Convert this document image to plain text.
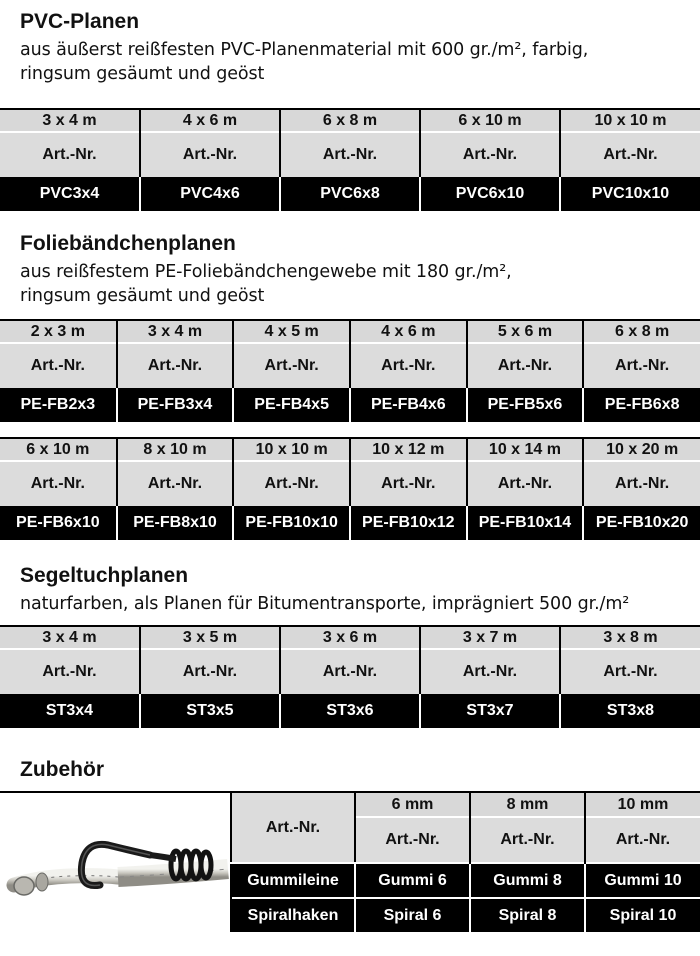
PVC-Planen

aus äußerst reißfesten PVC-Planenmaterial mit 600 gr./m², farbig,
ringsum gesäumt und geöst

3 x 4 m	4 x 6 m	6 x 8 m	6 x 10 m	10 x 10 m
Art.-Nr.	Art.-Nr.	Art.-Nr.	Art.-Nr.	Art.-Nr.
PVC3x4	PVC4x6	PVC6x8	PVC6x10	PVC10x10
Foliebändchenplanen

aus reißfestem PE-Foliebändchengewebe mit 180 gr./m²,
ringsum gesäumt und geöst

2 x 3 m	3 x 4 m	4 x 5 m	4 x 6 m	5 x 6 m	6 x 8 m
Art.-Nr.	Art.-Nr.	Art.-Nr.	Art.-Nr.	Art.-Nr.	Art.-Nr.
PE-FB2x3	PE-FB3x4	PE-FB4x5	PE-FB4x6	PE-FB5x6	PE-FB6x8
6 x 10 m	8 x 10 m	10 x 10 m	10 x 12 m	10 x 14 m	10 x 20 m
Art.-Nr.	Art.-Nr.	Art.-Nr.	Art.-Nr.	Art.-Nr.	Art.-Nr.
PE-FB6x10	PE-FB8x10	PE-FB10x10	PE-FB10x12	PE-FB10x14	PE-FB10x20
Segeltuchplanen

naturfarben, als Planen für Bitumentransporte, imprägniert 500 gr./m²

3 x 4 m	3 x 5 m	3 x 6 m	3 x 7 m	3 x 8 m
Art.-Nr.	Art.-Nr.	Art.-Nr.	Art.-Nr.	Art.-Nr.
ST3x4	ST3x5	ST3x6	ST3x7	ST3x8
Zubehör
Art.-Nr.	6 mm	8 mm	10 mm
	Art.-Nr.	Art.-Nr.	Art.-Nr.
Gummileine	Gummi 6	Gummi 8	Gummi 10
Spiralhaken	Spiral 6	Spiral 8	Spiral 10
